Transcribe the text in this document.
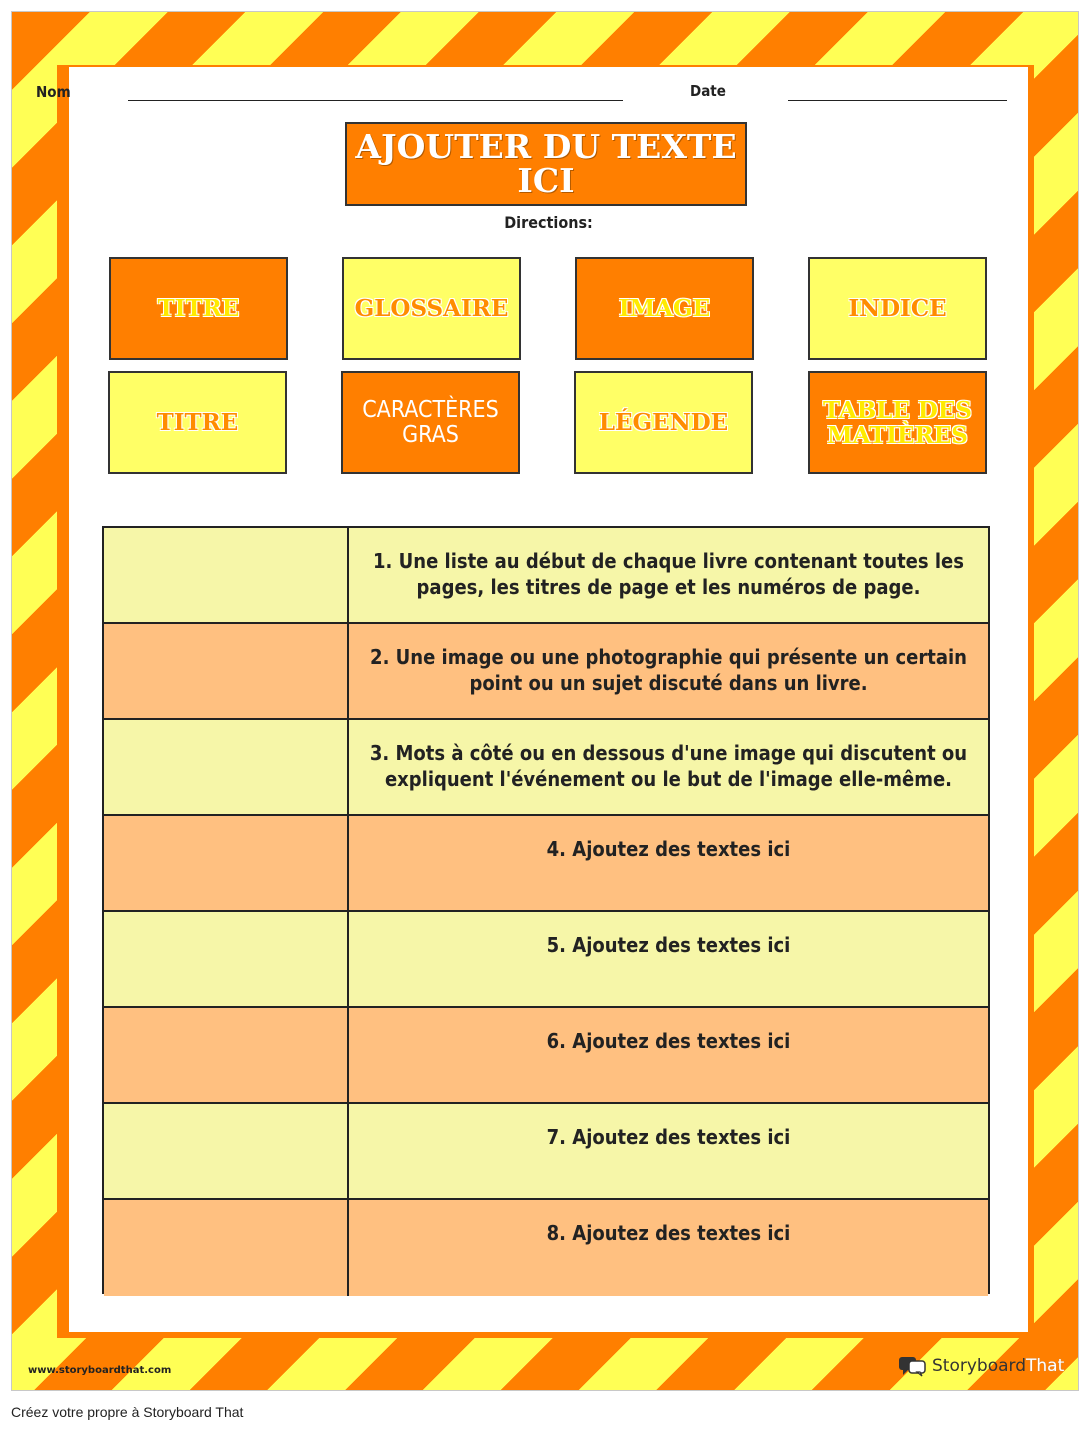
Nom	Date
AJOUTER DU TEXTE ICI
Directions:
TITRE	GLOSSAIRE	IMAGE	INDICE
TITRE	CARACTÈRES GRAS	LÉGENDE	TABLE DES MATIÈRES
1. Une liste au début de chaque livre contenant toutes les pages, les titres de page et les numéros de page.
2. Une image ou une photographie qui présente un certain point ou un sujet discuté dans un livre.
3. Mots à côté ou en dessous d'une image qui discutent ou expliquent l'événement ou le but de l'image elle-même.
4. Ajoutez des textes ici
5. Ajoutez des textes ici
6. Ajoutez des textes ici
7. Ajoutez des textes ici
8. Ajoutez des textes ici
www.storyboardthat.com	StoryboardThat
Créez votre propre à Storyboard That
